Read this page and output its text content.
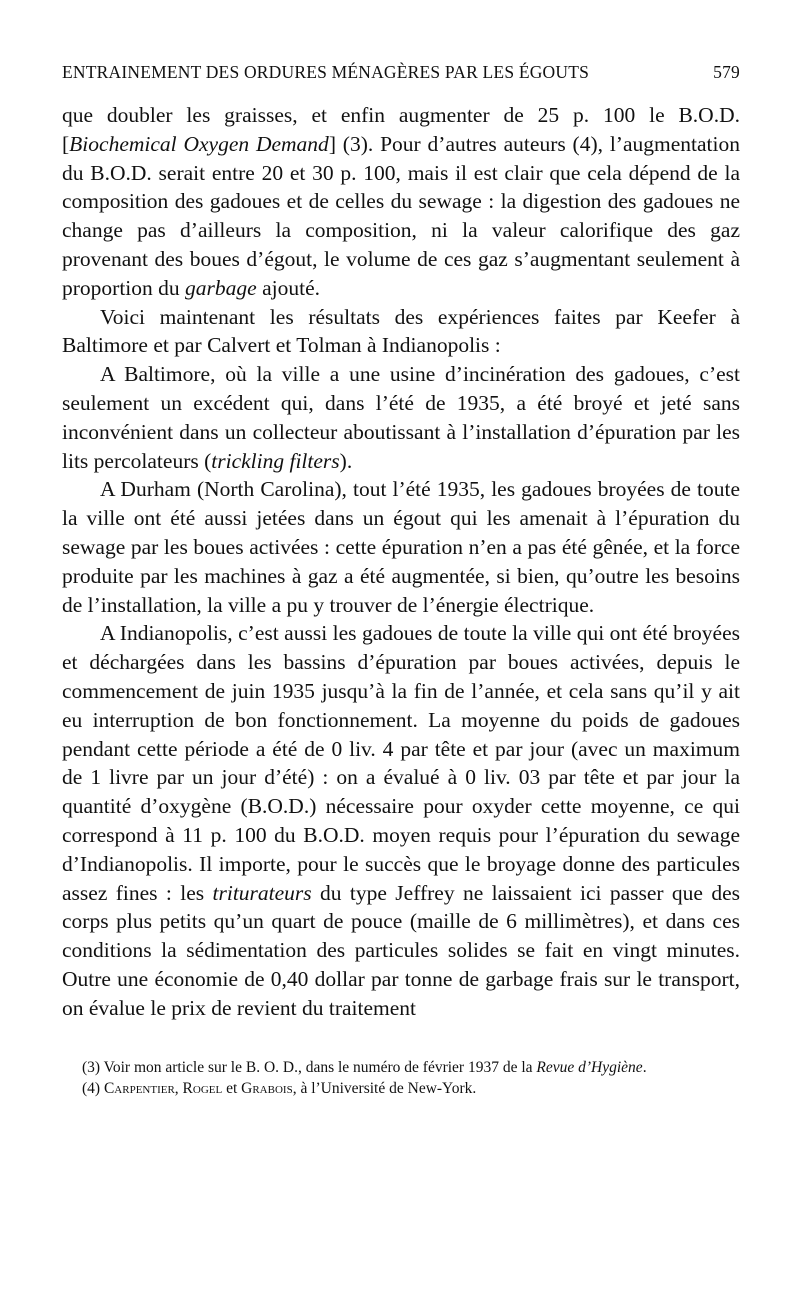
ENTRAINEMENT DES ORDURES MÉNAGÈRES PAR LES ÉGOUTS	579

que doubler les graisses, et enfin augmenter de 25 p. 100 le B.O.D. [Biochemical Oxygen Demand] (3). Pour d’autres auteurs (4), l’augmentation du B.O.D. serait entre 20 et 30 p. 100, mais il est clair que cela dépend de la composition des gadoues et de celles du sewage : la digestion des gadoues ne change pas d’ailleurs la composition, ni la valeur calorifique des gaz provenant des boues d’égout, le volume de ces gaz s’augmentant seulement à proportion du garbage ajouté.

Voici maintenant les résultats des expériences faites par Keefer à Baltimore et par Calvert et Tolman à Indianopolis :

A Baltimore, où la ville a une usine d’incinération des gadoues, c’est seulement un excédent qui, dans l’été de 1935, a été broyé et jeté sans inconvénient dans un collecteur aboutissant à l’installation d’épuration par les lits percolateurs (trickling filters).

A Durham (North Carolina), tout l’été 1935, les gadoues broyées de toute la ville ont été aussi jetées dans un égout qui les amenait à l’épuration du sewage par les boues activées : cette épuration n’en a pas été gênée, et la force produite par les machines à gaz a été augmentée, si bien, qu’outre les besoins de l’installation, la ville a pu y trouver de l’énergie électrique.

A Indianopolis, c’est aussi les gadoues de toute la ville qui ont été broyées et déchargées dans les bassins d’épuration par boues activées, depuis le commencement de juin 1935 jusqu’à la fin de l’année, et cela sans qu’il y ait eu interruption de bon fonctionnement. La moyenne du poids de gadoues pendant cette période a été de 0 liv. 4 par tête et par jour (avec un maximum de 1 livre par un jour d’été) : on a évalué à 0 liv. 03 par tête et par jour la quantité d’oxygène (B.O.D.) nécessaire pour oxyder cette moyenne, ce qui correspond à 11 p. 100 du B.O.D. moyen requis pour l’épuration du sewage d’Indianopolis. Il importe, pour le succès que le broyage donne des particules assez fines : les triturateurs du type Jeffrey ne laissaient ici passer que des corps plus petits qu’un quart de pouce (maille de 6 millimètres), et dans ces conditions la sédimentation des particules solides se fait en vingt minutes. Outre une économie de 0,40 dollar par tonne de garbage frais sur le transport, on évalue le prix de revient du traitement

(3) Voir mon article sur le B. O. D., dans le numéro de février 1937 de la Revue d’Hygiène.

(4) Carpentier, Rogel et Grabois, à l’Université de New-York.
